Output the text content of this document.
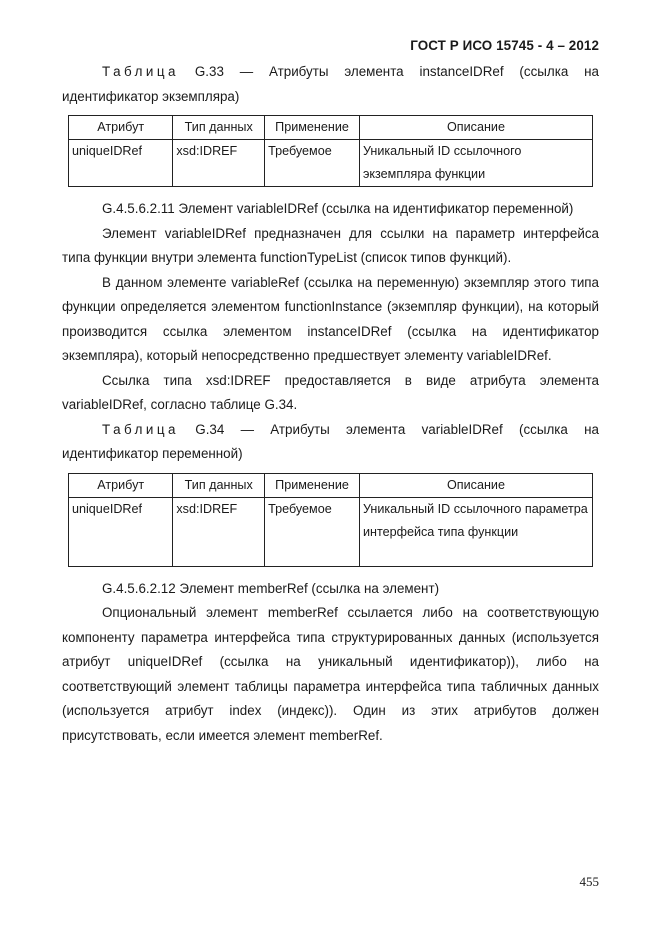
ГОСТ Р ИСО 15745 - 4 – 2012

Таблица G.33 — Атрибуты элемента instanceIDRef (ссылка на идентификатор экземпляра)

Атрибут	Тип данных	Применение	Описание
uniqueIDRef	xsd:IDREF	Требуемое	Уникальный ID ссылочного экземпляра функции

G.4.5.6.2.11 Элемент variableIDRef (ссылка на идентификатор переменной)

Элемент variableIDRef предназначен для ссылки на параметр интерфейса типа функции внутри элемента functionTypeList (список типов функций).

В данном элементе variableRef (ссылка на переменную) экземпляр этого типа функции определяется элементом functionInstance (экземпляр функции), на который производится ссылка элементом instanceIDRef (ссылка на идентификатор экземпляра), который непосредственно предшествует элементу variableIDRef.

Ссылка типа xsd:IDREF предоставляется в виде атрибута элемента variableIDRef, согласно таблице G.34.

Таблица G.34 — Атрибуты элемента variableIDRef (ссылка на идентификатор переменной)

Атрибут	Тип данных	Применение	Описание
uniqueIDRef	xsd:IDREF	Требуемое	Уникальный ID ссылочного параметра интерфейса типа функции

G.4.5.6.2.12 Элемент memberRef (ссылка на элемент)

Опциональный элемент memberRef ссылается либо на соответствующую компоненту параметра интерфейса типа структурированных данных (используется атрибут uniqueIDRef (ссылка на уникальный идентификатор)), либо на соответствующий элемент таблицы параметра интерфейса типа табличных данных (используется атрибут index (индекс)). Один из этих атрибутов должен присутствовать, если имеется элемент memberRef.

455
